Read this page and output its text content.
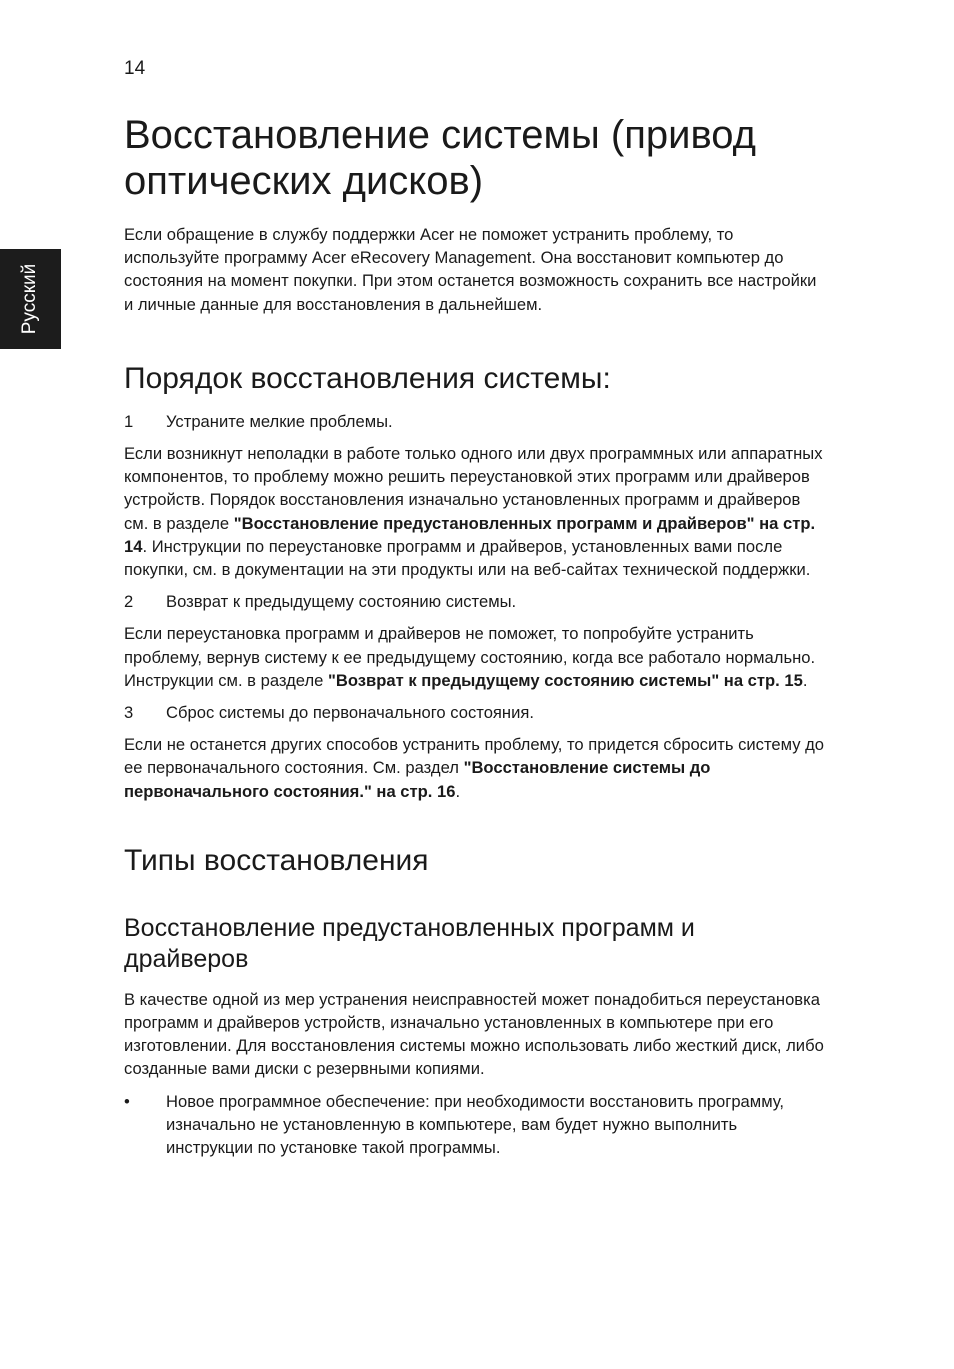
14
Русский
Восстановление системы (привод оптических дисков)

Если обращение в службу поддержки Acer не поможет устранить проблему, то используйте программу Acer eRecovery Management. Она восстановит компьютер до состояния на момент покупки. При этом останется возможность сохранить все настройки и личные данные для восстановления в дальнейшем.

Порядок восстановления системы:
1 Устраните мелкие проблемы.

Если возникнут неполадки в работе только одного или двух программных или аппаратных компонентов, то проблему можно решить переустановкой этих программ или драйверов устройств. Порядок восстановления изначально установленных программ и драйверов см. в разделе "Восстановление предустановленных программ и драйверов" на стр. 14. Инструкции по переустановке программ и драйверов, установленных вами после покупки, см. в документации на эти продукты или на веб-сайтах технической поддержки.

2 Возврат к предыдущему состоянию системы.

Если переустановка программ и драйверов не поможет, то попробуйте устранить проблему, вернув систему к ее предыдущему состоянию, когда все работало нормально. Инструкции см. в разделе "Возврат к предыдущему состоянию системы" на стр. 15.

3 Сброс системы до первоначального состояния.

Если не останется других способов устранить проблему, то придется сбросить систему до ее первоначального состояния. См. раздел "Восстановление системы до первоначального состояния." на стр. 16.

Типы восстановления
Восстановление предустановленных программ и драйверов

В качестве одной из мер устранения неисправностей может понадобиться переустановка программ и драйверов устройств, изначально установленных в компьютере при его изготовлении. Для восстановления системы можно использовать либо жесткий диск, либо созданные вами диски с резервными копиями.

• Новое программное обеспечение: при необходимости восстановить программу, изначально не установленную в компьютере, вам будет нужно выполнить инструкции по установке такой программы.
